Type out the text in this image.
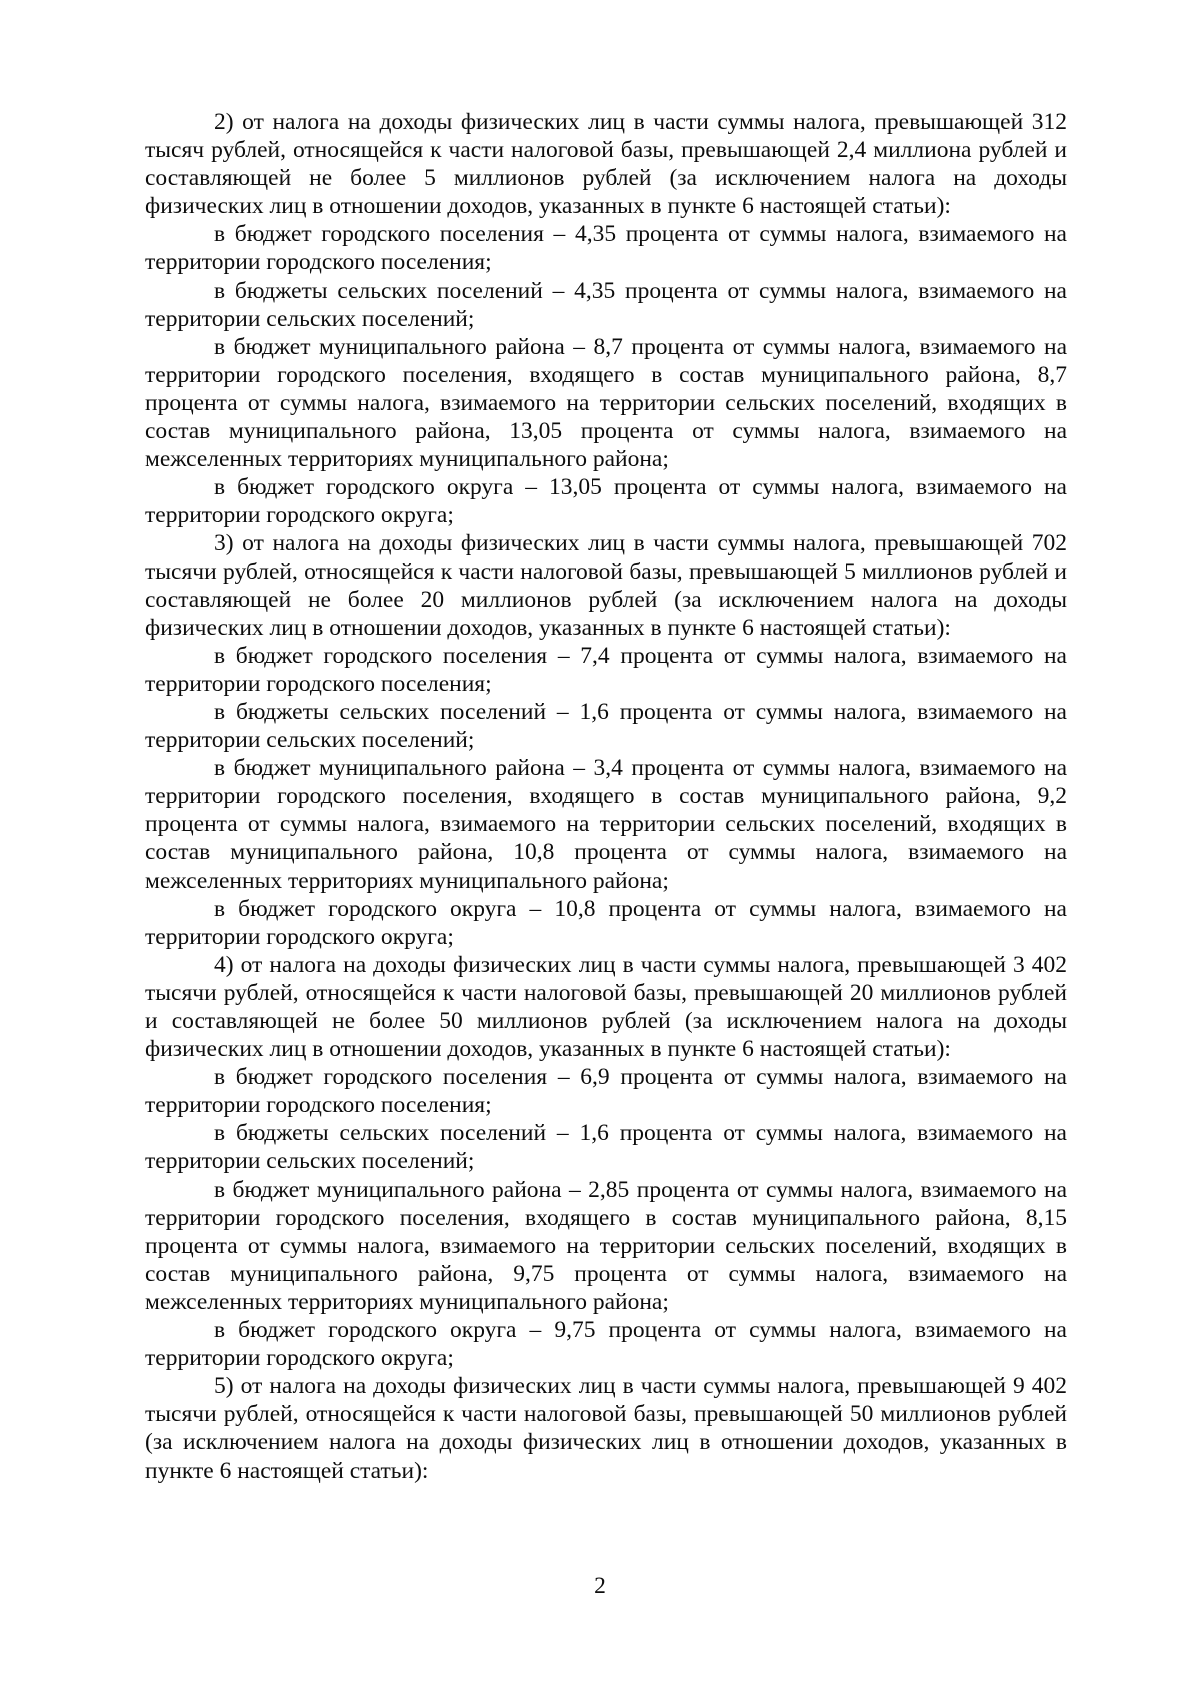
2) от налога на доходы физических лиц в части суммы налога, превышающей 312 тысяч рублей, относящейся к части налоговой базы, превышающей 2,4 миллиона рублей и составляющей не более 5 миллионов рублей (за исключением налога на доходы физических лиц в отношении доходов, указанных в пункте 6 настоящей статьи):

в бюджет городского поселения – 4,35 процента от суммы налога, взимаемого на территории городского поселения;

в бюджеты сельских поселений – 4,35 процента от суммы налога, взимаемого на территории сельских поселений;

в бюджет муниципального района – 8,7 процента от суммы налога, взимаемого на территории городского поселения, входящего в состав муниципального района, 8,7 процента от суммы налога, взимаемого на территории сельских поселений, входящих в состав муниципального района, 13,05 процента от суммы налога, взимаемого на межселенных территориях муниципального района;

в бюджет городского округа – 13,05 процента от суммы налога, взимаемого на территории городского округа;

3) от налога на доходы физических лиц в части суммы налога, превышающей 702 тысячи рублей, относящейся к части налоговой базы, превышающей 5 миллионов рублей и составляющей не более 20 миллионов рублей (за исключением налога на доходы физических лиц в отношении доходов, указанных в пункте 6 настоящей статьи):

в бюджет городского поселения – 7,4 процента от суммы налога, взимаемого на территории городского поселения;

в бюджеты сельских поселений – 1,6 процента от суммы налога, взимаемого на территории сельских поселений;

в бюджет муниципального района – 3,4 процента от суммы налога, взимаемого на территории городского поселения, входящего в состав муниципального района, 9,2 процента от суммы налога, взимаемого на территории сельских поселений, входящих в состав муниципального района, 10,8 процента от суммы налога, взимаемого на межселенных территориях муниципального района;

в бюджет городского округа – 10,8 процента от суммы налога, взимаемого на территории городского округа;

4) от налога на доходы физических лиц в части суммы налога, превышающей 3 402 тысячи рублей, относящейся к части налоговой базы, превышающей 20 миллионов рублей и составляющей не более 50 миллионов рублей (за исключением налога на доходы физических лиц в отношении доходов, указанных в пункте 6 настоящей статьи):

в бюджет городского поселения – 6,9 процента от суммы налога, взимаемого на территории городского поселения;

в бюджеты сельских поселений – 1,6 процента от суммы налога, взимаемого на территории сельских поселений;

в бюджет муниципального района – 2,85 процента от суммы налога, взимаемого на территории городского поселения, входящего в состав муниципального района, 8,15 процента от суммы налога, взимаемого на территории сельских поселений, входящих в состав муниципального района, 9,75 процента от суммы налога, взимаемого на межселенных территориях муниципального района;

в бюджет городского округа – 9,75 процента от суммы налога, взимаемого на территории городского округа;

5) от налога на доходы физических лиц в части суммы налога, превышающей 9 402 тысячи рублей, относящейся к части налоговой базы, превышающей 50 миллионов рублей (за исключением налога на доходы физических лиц в отношении доходов, указанных в пункте 6 настоящей статьи):

2
